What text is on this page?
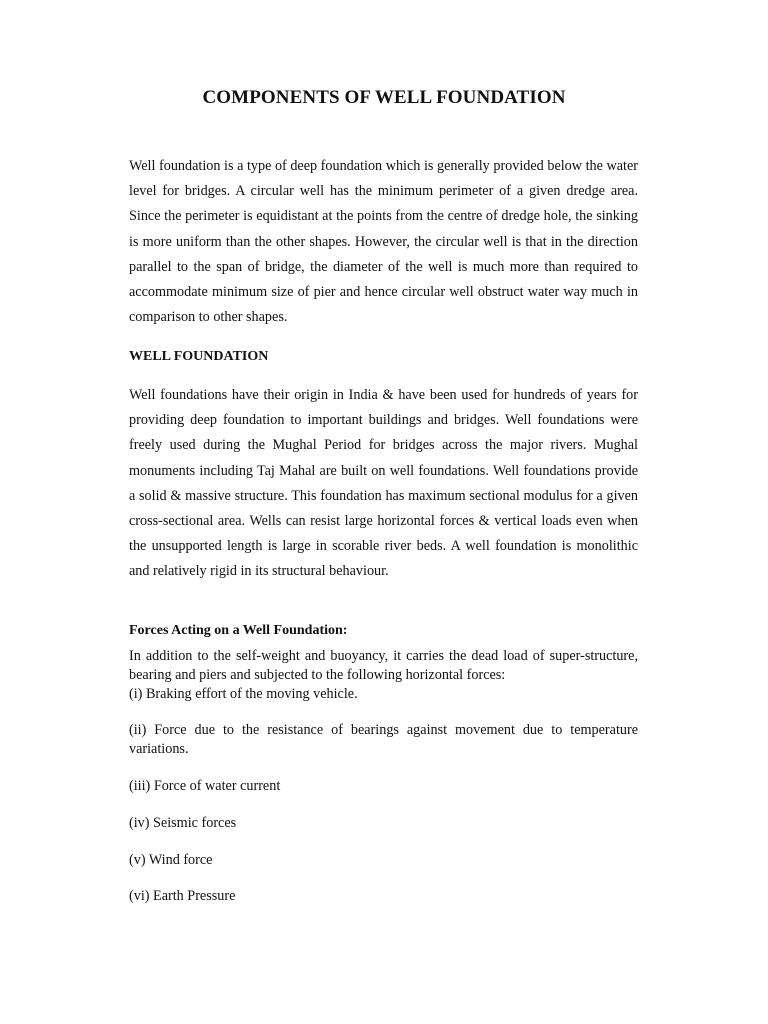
COMPONENTS OF WELL FOUNDATION

Well foundation is a type of deep foundation which is generally provided below the water level for bridges. A circular well has the minimum perimeter of a given dredge area. Since the perimeter is equidistant at the points from the centre of dredge hole, the sinking is more uniform than the other shapes. However, the circular well is that in the direction parallel to the span of bridge, the diameter of the well is much more than required to accommodate minimum size of pier and hence circular well obstruct water way much in comparison to other shapes.

WELL FOUNDATION

Well foundations have their origin in India & have been used for hundreds of years for providing deep foundation to important buildings and bridges. Well foundations were freely used during the Mughal Period for bridges across the major rivers. Mughal monuments including Taj Mahal are built on well foundations. Well foundations provide a solid & massive structure. This foundation has maximum sectional modulus for a given cross-sectional area. Wells can resist large horizontal forces & vertical loads even when the unsupported length is large in scorable river beds. A well foundation is monolithic and relatively rigid in its structural behaviour.

Forces Acting on a Well Foundation:
In addition to the self-weight and buoyancy, it carries the dead load of super-structure, bearing and piers and subjected to the following horizontal forces:
(i) Braking effort of the moving vehicle.

(ii) Force due to the resistance of bearings against movement due to temperature variations.

(iii) Force of water current

(iv) Seismic forces

(v) Wind force

(vi) Earth Pressure
